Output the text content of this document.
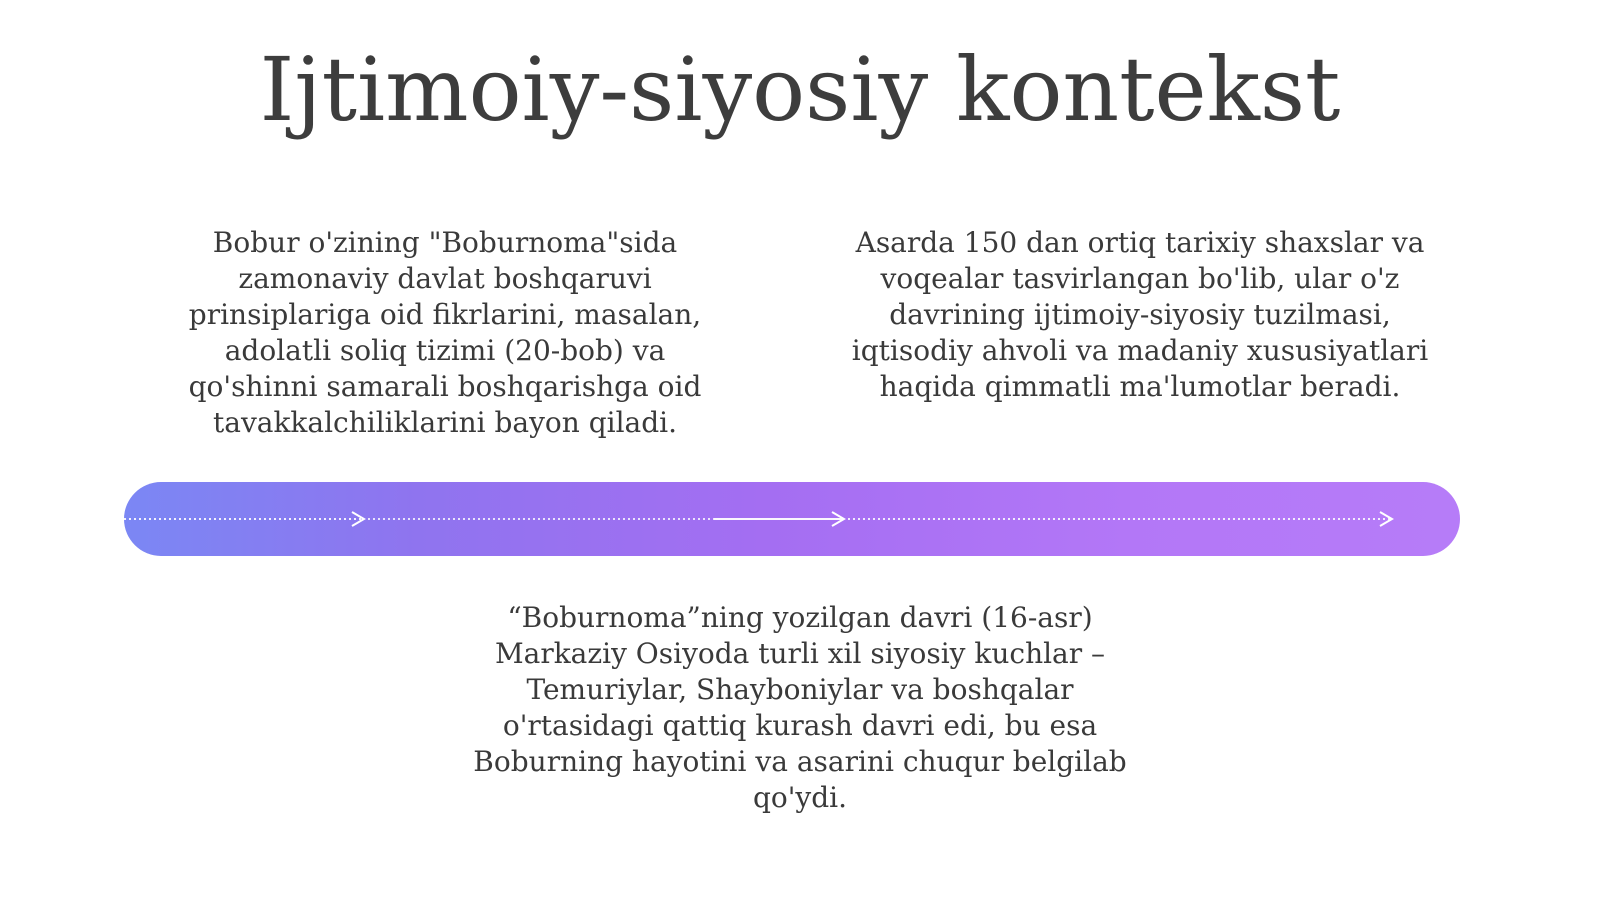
Ijtimoiy-siyosiy kontekst
Bobur o'zining "Boburnoma"sida
zamonaviy davlat boshqaruvi
prinsiplariga oid fikrlarini, masalan,
adolatli soliq tizimi (20-bob) va
qo'shinni samarali boshqarishga oid
tavakkalchiliklarini bayon qiladi.
Asarda 150 dan ortiq tarixiy shaxslar va
voqealar tasvirlangan bo'lib, ular o'z
davrining ijtimoiy-siyosiy tuzilmasi,
iqtisodiy ahvoli va madaniy xususiyatlari
haqida qimmatli ma'lumotlar beradi.
“Boburnoma”ning yozilgan davri (16-asr)
Markaziy Osiyoda turli xil siyosiy kuchlar –
Temuriylar, Shayboniylar va boshqalar
o'rtasidagi qattiq kurash davri edi, bu esa
Boburning hayotini va asarini chuqur belgilab
qo'ydi.
